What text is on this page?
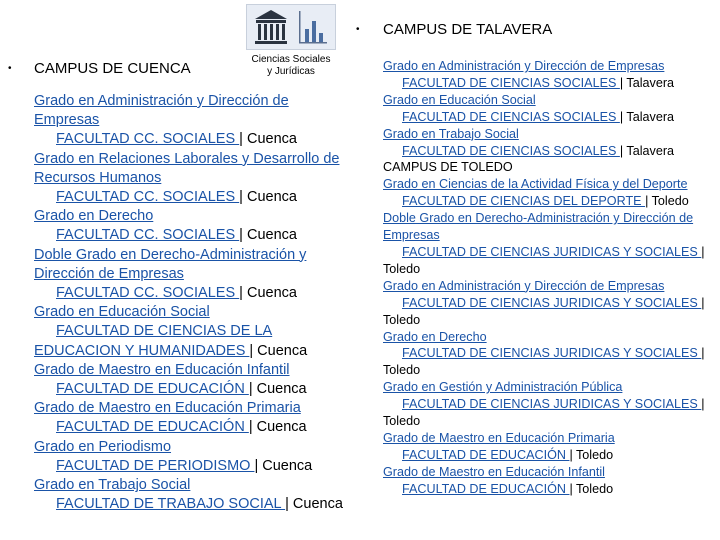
Ciencias Sociales
y Jurídicas
• CAMPUS DE CUENCA
Grado en Administración y Dirección de Empresas
FACULTAD CC. SOCIALES | Cuenca
Grado en Relaciones Laborales y Desarrollo de Recursos Humanos
FACULTAD CC. SOCIALES | Cuenca
Grado en Derecho
FACULTAD CC. SOCIALES | Cuenca
Doble Grado en Derecho-Administración y Dirección de Empresas
FACULTAD CC. SOCIALES | Cuenca
Grado en Educación Social
FACULTAD DE CIENCIAS DE LA EDUCACION Y HUMANIDADES | Cuenca
Grado de Maestro en Educación Infantil
FACULTAD DE EDUCACIÓN | Cuenca
Grado de Maestro en Educación Primaria
FACULTAD DE EDUCACIÓN | Cuenca
Grado en Periodismo
FACULTAD DE PERIODISMO | Cuenca
Grado en Trabajo Social
FACULTAD DE TRABAJO SOCIAL | Cuenca
• CAMPUS DE TALAVERA
Grado en Administración y Dirección de Empresas
FACULTAD DE CIENCIAS SOCIALES | Talavera
Grado en Educación Social
FACULTAD DE CIENCIAS SOCIALES | Talavera
Grado en Trabajo Social
FACULTAD DE CIENCIAS SOCIALES | Talavera
CAMPUS DE TOLEDO
Grado en Ciencias de la Actividad Física y del Deporte
FACULTAD DE CIENCIAS DEL DEPORTE | Toledo
Doble Grado en Derecho-Administración y Dirección de Empresas
FACULTAD DE CIENCIAS JURIDICAS Y SOCIALES | Toledo
Grado en Administración y Dirección de Empresas
FACULTAD DE CIENCIAS JURIDICAS Y SOCIALES | Toledo
Grado en Derecho
FACULTAD DE CIENCIAS JURIDICAS Y SOCIALES | Toledo
Grado en Gestión y Administración Pública
FACULTAD DE CIENCIAS JURIDICAS Y SOCIALES | Toledo
Grado de Maestro en Educación Primaria
FACULTAD DE EDUCACIÓN | Toledo
Grado de Maestro en Educación Infantil
FACULTAD DE EDUCACIÓN | Toledo
